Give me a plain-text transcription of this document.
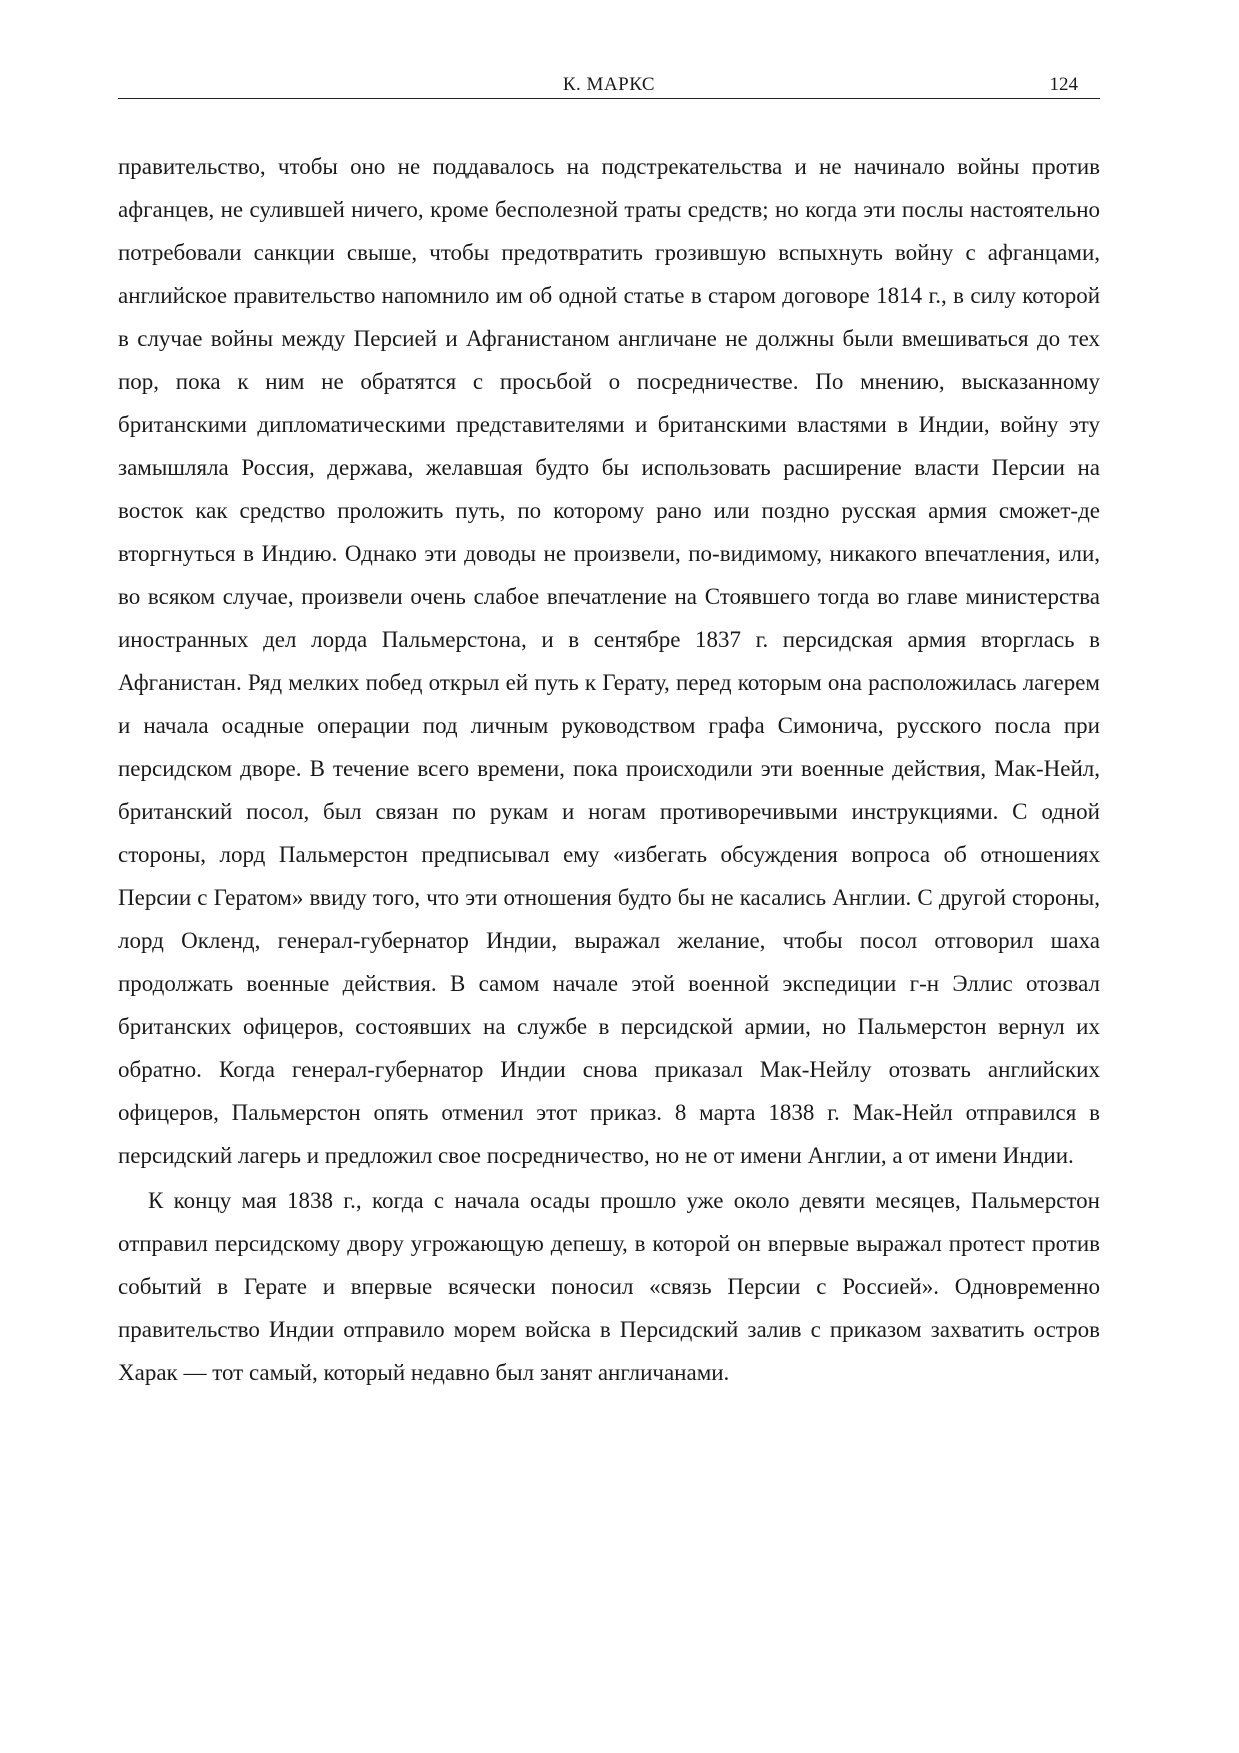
К. МАРКС	124

правительство, чтобы оно не поддавалось на подстрекательства и не начинало войны против афганцев, не сулившей ничего, кроме бесполезной траты средств; но когда эти послы настоятельно потребовали санкции свыше, чтобы предотвратить грозившую вспыхнуть войну с афганцами, английское правительство напомнило им об одной статье в старом договоре 1814 г., в силу которой в случае войны между Персией и Афганистаном англичане не должны были вмешиваться до тех пор, пока к ним не обратятся с просьбой о посредничестве. По мнению, высказанному британскими дипломатическими представителями и британскими властями в Индии, войну эту замышляла Россия, держава, желавшая будто бы использовать расширение власти Персии на восток как средство проложить путь, по которому рано или поздно русская армия сможет-де вторгнуться в Индию. Однако эти доводы не произвели, по-видимому, никакого впечатления, или, во всяком случае, произвели очень слабое впечатление на Стоявшего тогда во главе министерства иностранных дел лорда Пальмерстона, и в сентябре 1837 г. персидская армия вторглась в Афганистан. Ряд мелких побед открыл ей путь к Герату, перед которым она расположилась лагерем и начала осадные операции под личным руководством графа Симонича, русского посла при персидском дворе. В течение всего времени, пока происходили эти военные действия, Мак-Нейл, британский посол, был связан по рукам и ногам противоречивыми инструкциями. С одной стороны, лорд Пальмерстон предписывал ему «избегать обсуждения вопроса об отношениях Персии с Гератом» ввиду того, что эти отношения будто бы не касались Англии. С другой стороны, лорд Окленд, генерал-губернатор Индии, выражал желание, чтобы посол отговорил шаха продолжать военные действия. В самом начале этой военной экспедиции г-н Эллис отозвал британских офицеров, состоявших на службе в персидской армии, но Пальмерстон вернул их обратно. Когда генерал-губернатор Индии снова приказал Мак-Нейлу отозвать английских офицеров, Пальмерстон опять отменил этот приказ. 8 марта 1838 г. Мак-Нейл отправился в персидский лагерь и предложил свое посредничество, но не от имени Англии, а от имени Индии.

К концу мая 1838 г., когда с начала осады прошло уже около девяти месяцев, Пальмерстон отправил персидскому двору угрожающую депешу, в которой он впервые выражал протест против событий в Герате и впервые всячески поносил «связь Персии с Россией». Одновременно правительство Индии отправило морем войска в Персидский залив с приказом захватить остров Харак — тот самый, который недавно был занят англичанами.
